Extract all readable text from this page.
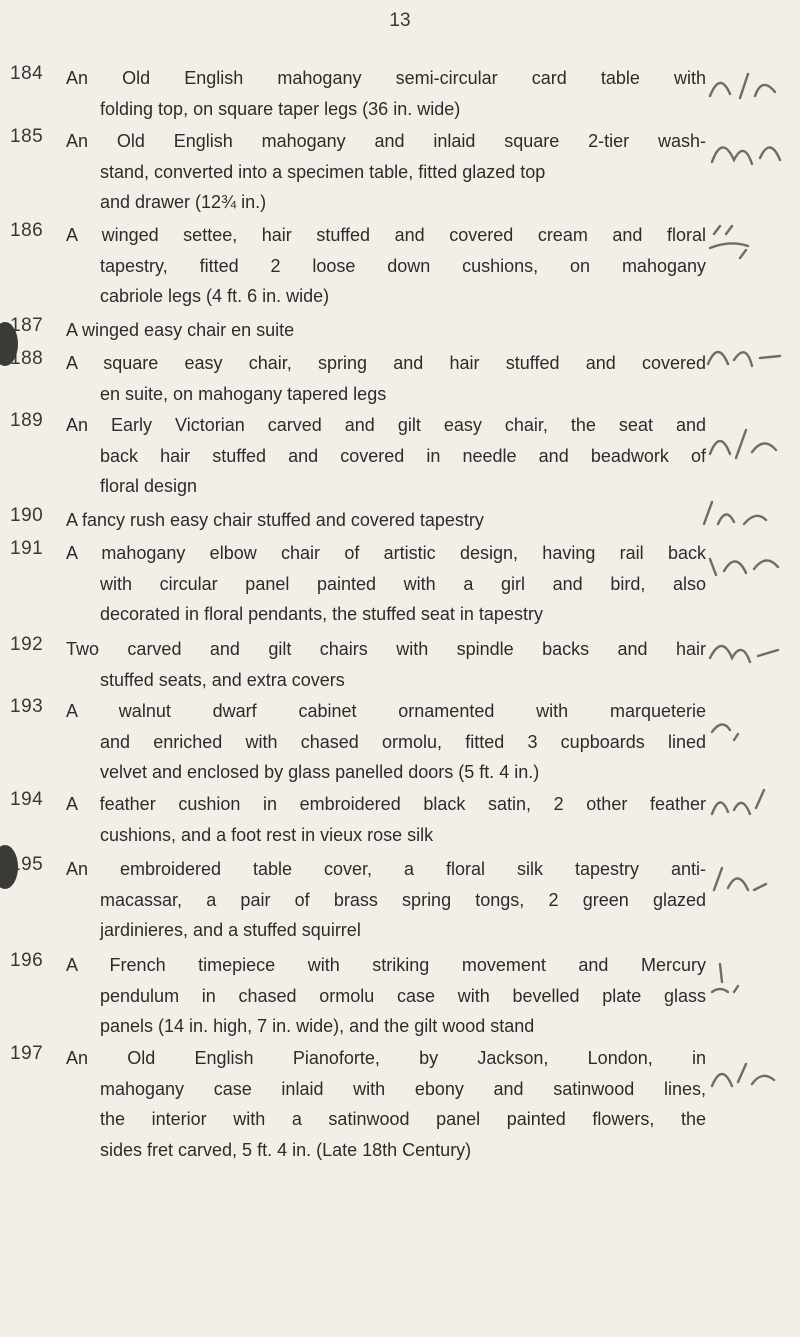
13
184 An Old English mahogany semi-circular card table with
folding top, on square taper legs (36 in. wide)
185 An Old English mahogany and inlaid square 2-tier wash-
stand, converted into a specimen table, fitted glazed top
and drawer (12¾ in.)
186 A winged settee, hair stuffed and covered cream and floral
tapestry, fitted 2 loose down cushions, on mahogany
cabriole legs (4 ft. 6 in. wide)
187 A winged easy chair en suite
188 A square easy chair, spring and hair stuffed and covered
en suite, on mahogany tapered legs
189 An Early Victorian carved and gilt easy chair, the seat and
back hair stuffed and covered in needle and beadwork of
floral design
190 A fancy rush easy chair stuffed and covered tapestry
191 A mahogany elbow chair of artistic design, having rail back
with circular panel painted with a girl and bird, also
decorated in floral pendants, the stuffed seat in tapestry
192 Two carved and gilt chairs with spindle backs and hair
stuffed seats, and extra covers
193 A walnut dwarf cabinet ornamented with marqueterie
and enriched with chased ormolu, fitted 3 cupboards lined
velvet and enclosed by glass panelled doors (5 ft. 4 in.)
194 A feather cushion in embroidered black satin, 2 other feather
cushions, and a foot rest in vieux rose silk
195 An embroidered table cover, a floral silk tapestry anti-
macassar, a pair of brass spring tongs, 2 green glazed
jardinieres, and a stuffed squirrel
196 A French timepiece with striking movement and Mercury
pendulum in chased ormolu case with bevelled plate glass
panels (14 in. high, 7 in. wide), and the gilt wood stand
197 An Old English Pianoforte, by Jackson, London, in
mahogany case inlaid with ebony and satinwood lines,
the interior with a satinwood panel painted flowers, the
sides fret carved, 5 ft. 4 in. (Late 18th Century)
